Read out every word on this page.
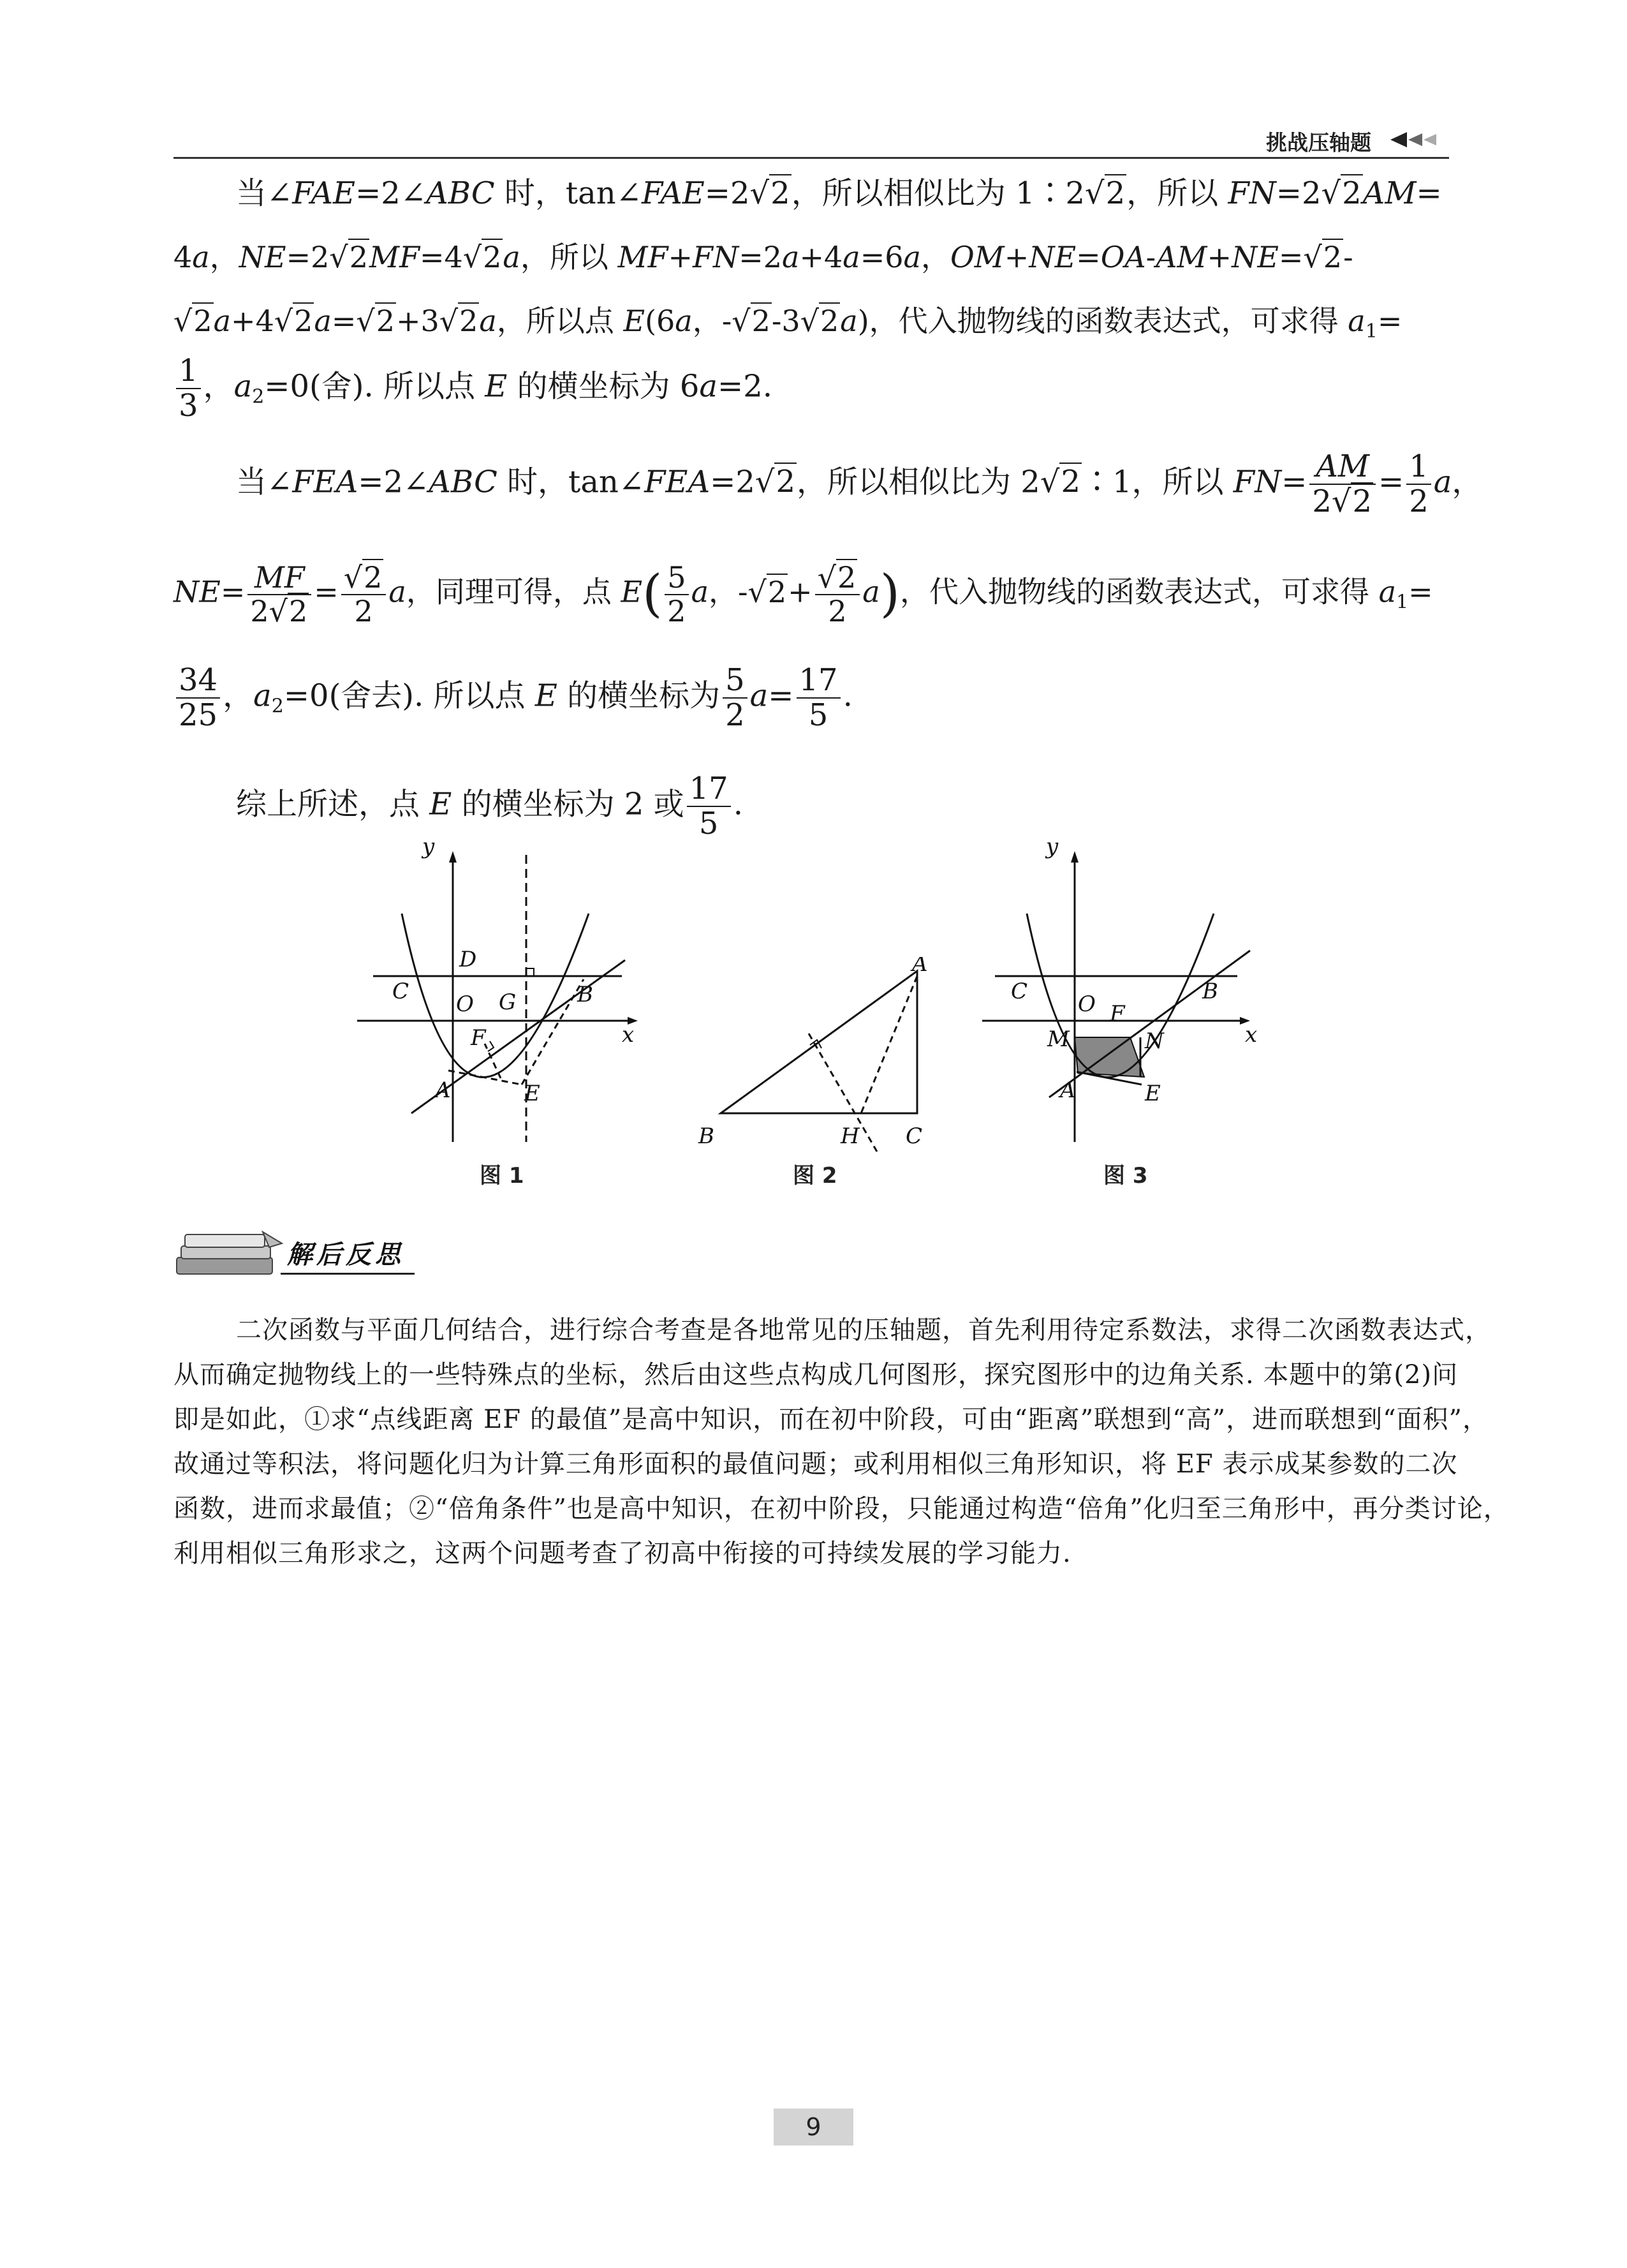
挑战压轴题
当∠FAE=2∠ABC 时，tan∠FAE=2√2，所以相似比为 1∶2√2，所以 FN=2√2AM=
4a，NE=2√2MF=4√2a，所以 MF+FN=2a+4a=6a，OM+NE=OA-AM+NE=√2-
√2a+4√2a=√2+3√2a，所以点 E(6a，-√2-3√2a)，代入抛物线的函数表达式，可求得 $a_1=$
$\frac{1}{3}$ ，$a_2=0$(舍). 所以点 E 的横坐标为 6a=2.
当∠FEA=2∠ABC 时，tan∠FEA=2√2，所以相似比为 2√2∶1，所以 $FN= \frac{AM}{2√2} = \frac{1}{2}$ a，
$NE= \frac{MF}{2√2} = \frac{√2}{2}$ a，同理可得，点 $E( \frac{5}{2}$ a，$-√2+ \frac{√2}{2} a$)，代入抛物线的函数表达式，可求得 $a_1=$
$\frac{34}{25}$ ，$a_2=0$(舍去). 所以点 E 的横坐标为 $\frac{5}{2} a= \frac{17}{5}$ .
综上所述，点 E 的横坐标为 2 或 $\frac{17}{5}$ .
y
x
D
C O G	B
F
A	E
图 1
A
B	H C
图 2
y
x
C O F
B
M	N
A	E
图 3
解后反思
二次函数与平面几何结合，进行综合考查是各地常见的压轴题，首先利用待定系数法，求得二次函数表达式，
从而确定抛物线上的一些特殊点的坐标，然后由这些点构成几何图形，探究图形中的边角关系. 本题中的第(2)问
即是如此，①求“点线距离 EF 的最值”是高中知识，而在初中阶段，可由“距离”联想到“高”，进而联想到“面积”，
故通过等积法，将问题化归为计算三角形面积的最值问题；或利用相似三角形知识，将 EF 表示成某参数的二次
函数，进而求最值；②“倍角条件”也是高中知识，在初中阶段，只能通过构造“倍角”化归至三角形中，再分类讨论，
利用相似三角形求之，这两个问题考查了初高中衔接的可持续发展的学习能力.
9
